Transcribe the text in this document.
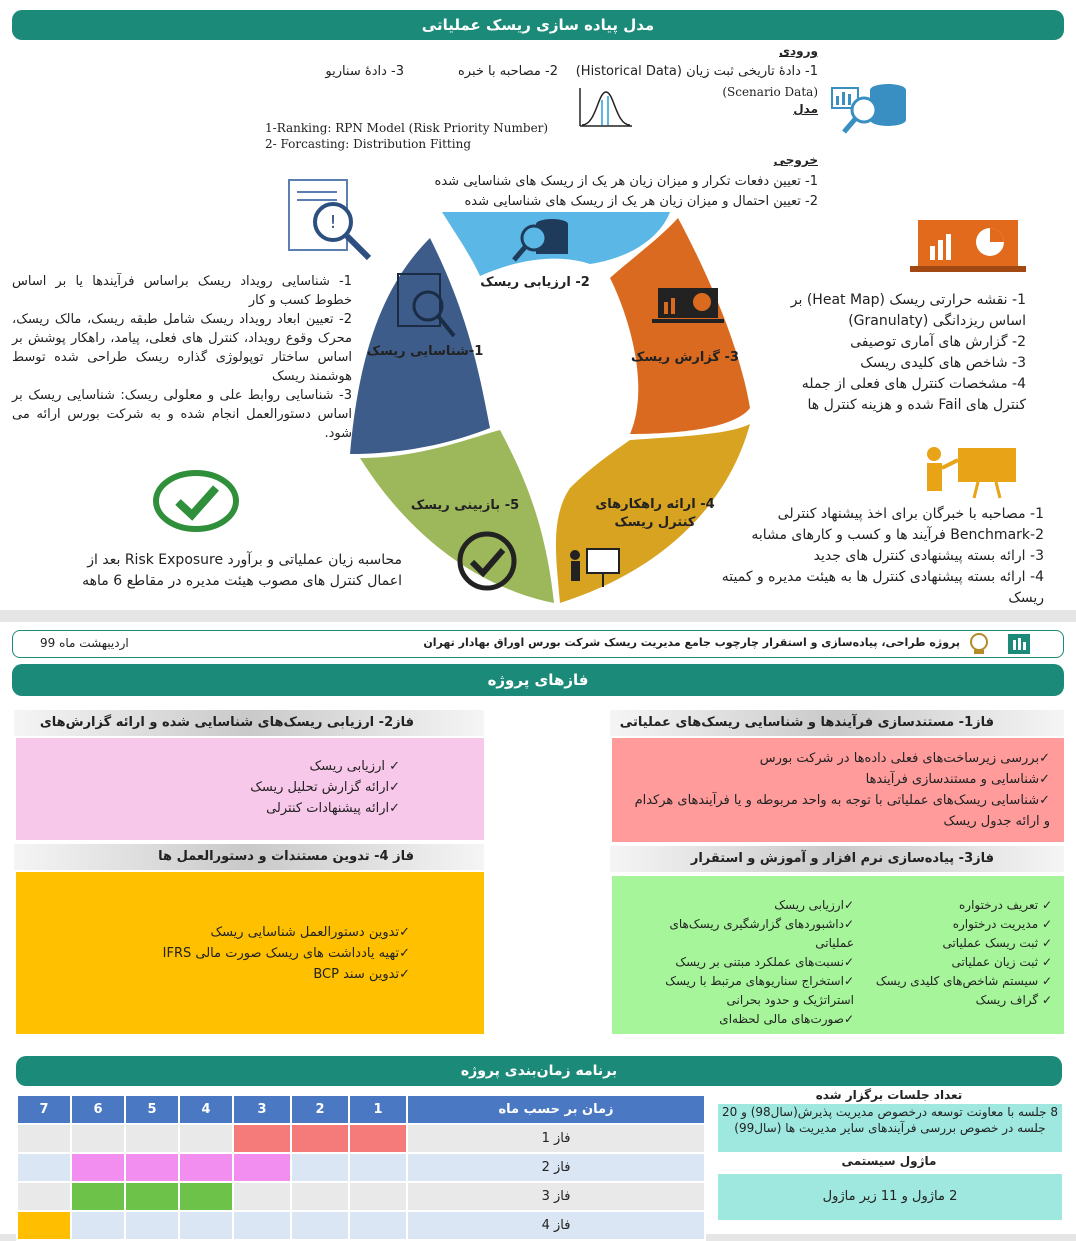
مدل پیاده سازی ریسک عملیاتی
ورودی
1- دادۀ تاریخی ثبت زیان (Historical Data)
2- مصاحبه با خبره
3- دادۀ سناریو
(Scenario Data)
مدل
1-Ranking: RPN Model (Risk Priority Number)
2- Forcasting: Distribution Fitting
خروجی
1- تعیین دفعات تکرار و میزان زیان هر یک از ریسک های شناسایی شده
2- تعیین احتمال و میزان زیان هر یک از ریسک های شناسایی شده
2- ارزیابی ریسک
3- گزارش ریسک
4- ارائه راهکارهای کنترل ریسک
5- بازبینی ریسک
1-شناسایی ریسک
!
1- شناسایی رویداد ریسک براساس فرآیندها یا بر اساس خطوط کسب و کار
2- تعیین ابعاد رویداد ریسک شامل طبقه ریسک، مالک ریسک، محرک وقوع رویداد، کنترل های فعلی، پیامد، راهکار پوشش بر اساس ساختار توپولوژی گذاره ریسک طراحی شده توسط هوشمند ریسک
3- شناسایی روابط علی و معلولی ریسک: شناسایی ریسک بر اساس دستورالعمل انجام شده و به شرکت بورس ارائه می شود.
1- نقشه حرارتی ریسک (Heat Map) بر اساس ریزدانگی (Granulaty)
2- گزارش های آماری توصیفی
3- شاخص های کلیدی ریسک
4- مشخصات کنترل های فعلی از جمله کنترل های Fail شده و هزینه کنترل ها
1- مصاحبه با خبرگان برای اخذ پیشنهاد کنترلی
2-Benchmark فرآیند ها و کسب و کارهای مشابه
3- ارائه بسته پیشنهادی کنترل های جدید
4- ارائه بسته پیشنهادی کنترل ها به هیئت مدیره و کمیته ریسک
محاسبه زیان عملیاتی و برآورد Risk Exposure بعد از اعمال کنترل های مصوب هیئت مدیره در مقاطع 6 ماهه
پروژه طراحی، پیادەسازی و استقرار چارچوب جامع مدیریت ریسک شرکت بورس اوراق بهادار تهران
اردیبهشت ماه 99
فازهای پروژه
فاز1- مستندسازی فرآیندها و شناسایی ریسک‌های عملیاتی
✓بررسی زیرساخت‌های فعلی داده‌ها در شرکت بورس
✓شناسایی و مستندسازی فرآیندها
✓شناسایی ریسک‌های عملیاتی با توجه به واحد مربوطه و یا فرآیندهای هرکدام و ارائه جدول ریسک
فاز2- ارزیابی ریسک‌های شناسایی شده و ارائه گزارش‌های
✓ ارزیابی ریسک
✓ارائه گزارش تحلیل ریسک
✓ارائه پیشنهادات کنترلی
فاز3- پیاده‌سازی نرم افزار و آموزش و استقرار
✓ تعریف درختواره
✓ مدیریت درختواره
✓ ثبت ریسک عملیاتی
✓ ثبت زیان عملیاتی
✓ سیستم شاخص‌های کلیدی ریسک
✓ گراف ریسک
✓ارزیابی ریسک
✓داشبوردهای گزارشگیری ریسک‌های عملیاتی
✓نسبت‌های عملکرد مبتنی بر ریسک
✓استخراج سناریوهای مرتبط با ریسک استراتژیک و حدود بحرانی
✓صورت‌های مالی لحظه‌ای
فاز 4- تدوین مستندات و دستورالعمل ها
✓تدوین دستورالعمل شناسایی ریسک
✓تهیه یادداشت های ریسک صورت مالی IFRS
✓تدوین سند BCP
برنامه زمان‌بندی پروژه
7	6	5	4	3	2	1	زمان بر حسب ماه
							فاز 1
							فاز 2
							فاز 3
							فاز 4
تعداد جلسات برگزار شده
8 جلسه با معاونت توسعه درخصوص مدیریت پذیرش(سال98) و 20 جلسه در خصوص بررسی فرآیندهای سایر مدیریت ها (سال99)
ماژول سیستمی
2 ماژول و 11 زیر ماژول
